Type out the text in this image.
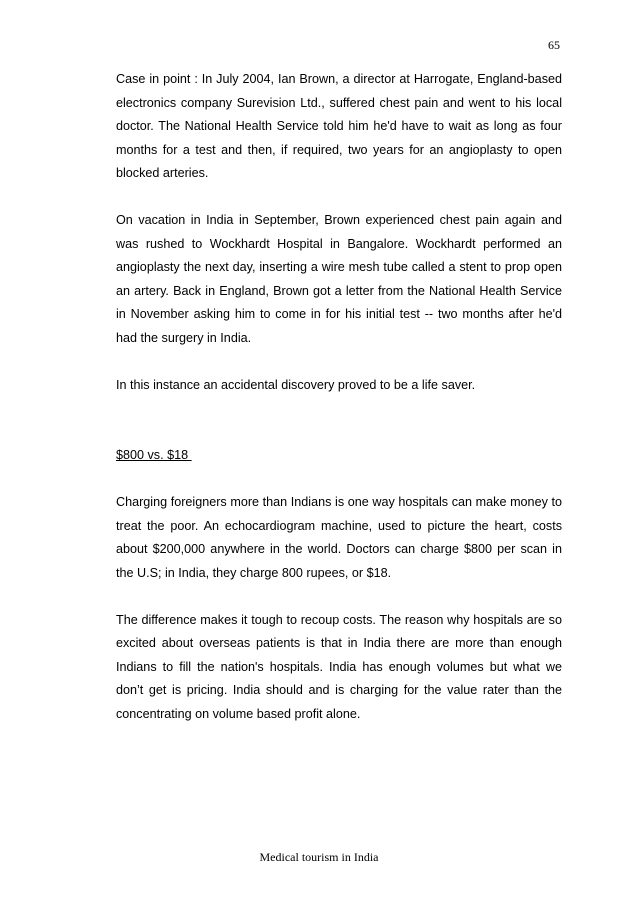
65

Case in point : In July 2004, Ian Brown, a director at Harrogate, England-based electronics company Surevision Ltd., suffered chest pain and went to his local doctor. The National Health Service told him he'd have to wait as long as four months for a test and then, if required, two years for an angioplasty to open blocked arteries.

On vacation in India in September, Brown experienced chest pain again and was rushed to Wockhardt Hospital in Bangalore. Wockhardt performed an angioplasty the next day, inserting a wire mesh tube called a stent to prop open an artery. Back in England, Brown got a letter from the National Health Service in November asking him to come in for his initial test -- two months after he'd had the surgery in India.

In this instance an accidental discovery proved to be a life saver.

$800 vs. $18

Charging foreigners more than Indians is one way hospitals can make money to treat the poor. An echocardiogram machine, used to picture the heart, costs about $200,000 anywhere in the world. Doctors can charge $800 per scan in the U.S; in India, they charge 800 rupees, or $18.

The difference makes it tough to recoup costs. The reason why hospitals are so excited about overseas patients is that in India there are more than enough Indians to fill the nation's hospitals. India has enough volumes but what we don’t get is pricing. India should and is charging for the value rater than the concentrating on volume based profit alone.

Medical tourism in India
